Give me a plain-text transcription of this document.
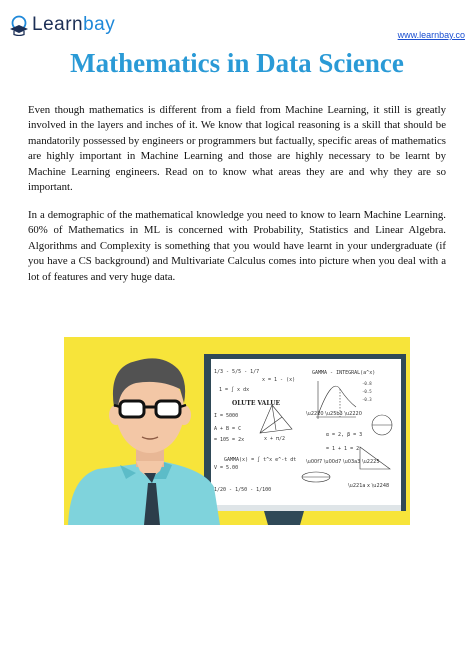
Learnbay	www.learnbay.co
Mathematics in Data Science

Even though mathematics is different from a field from Machine Learning, it still is greatly involved in the layers and inches of it. We know that logical reasoning is a skill that should be mandatorily possessed by engineers or programmers but factually, specific areas of mathematics are highly important in Machine Learning and those are highly necessary to be learnt by Machine Learning engineers. Read on to know what areas they are and why they are so important.

In a demographic of the mathematical knowledge you need to know to learn Machine Learning. 60% of Mathematics in ML is concerned with Probability, Statistics and Linear Algebra. Algorithms and Complexity is something that you would have learnt in your undergraduate (if you have a CS background) and Multivariate Calculus comes into picture when you deal with a lot of features and very huge data.

1/3 - 5/5 - 1/7
x = 1 - (x)
GAMMA - INTEGRAL(a^x)
1 = ∫ x dx
I = 5000
A + B = C
= 105 = 2x	x + π/2
V = 5.00
GAMMA(x) = ∫ t^x e^-t dt
α = 2, β = 3
1/20 - 1/50 - 1/100
= 1 + 1 = 2
OLUTE VALUE
-0.8
-0.5
-0.3
\u2220 \u25b3 \u2220
\u00f7 \u00d7 \u03a3 \u2225
\u221a x \u2248
